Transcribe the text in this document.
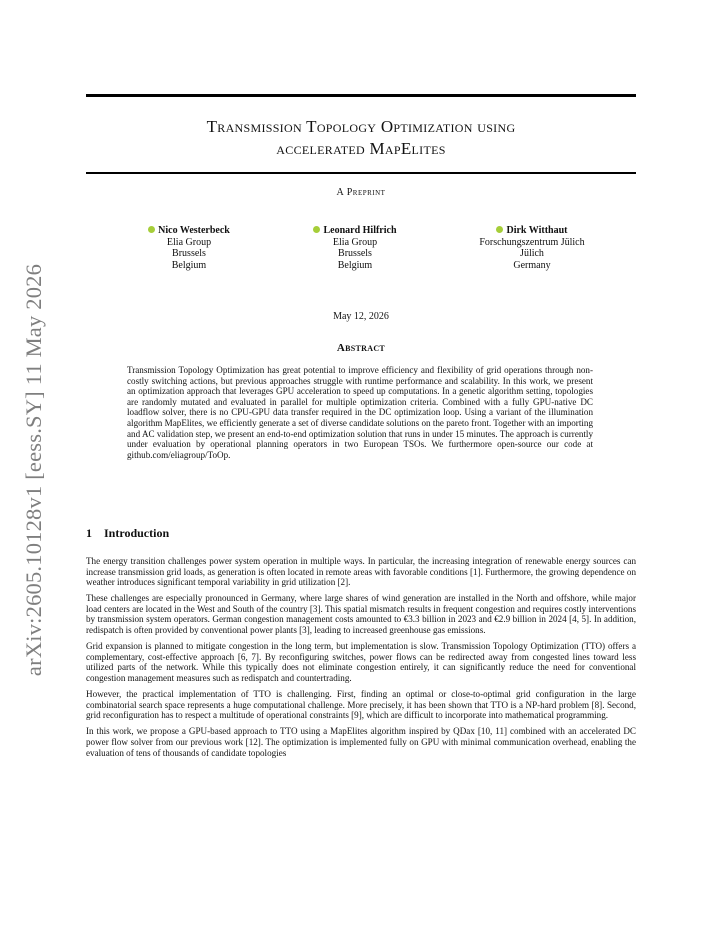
arXiv:2605.10128v1 [eess.SY] 11 May 2026
Transmission Topology Optimization using
accelerated MapElites
A Preprint
Nico Westerbeck
Elia Group
Brussels
Belgium
Leonard Hilfrich
Elia Group
Brussels
Belgium
Dirk Witthaut
Forschungszentrum Jülich
Jülich
Germany
May 12, 2026
Abstract
Transmission Topology Optimization has great potential to improve efficiency and flexibility of grid operations through non-costly switching actions, but previous approaches struggle with runtime performance and scalability. In this work, we present an optimization approach that leverages GPU acceleration to speed up computations. In a genetic algorithm setting, topologies are randomly mutated and evaluated in parallel for multiple optimization criteria. Combined with a fully GPU-native DC loadflow solver, there is no CPU-GPU data transfer required in the DC optimization loop. Using a variant of the illumination algorithm MapElites, we efficiently generate a set of diverse candidate solutions on the pareto front. Together with an importing and AC validation step, we present an end-to-end optimization solution that runs in under 15 minutes. The approach is currently under evaluation by operational planning operators in two European TSOs. We furthermore open-source our code at github.com/eliagroup/ToOp.
1 Introduction

The energy transition challenges power system operation in multiple ways. In particular, the increasing integration of renewable energy sources can increase transmission grid loads, as generation is often located in remote areas with favorable conditions [1]. Furthermore, the growing dependence on weather introduces significant temporal variability in grid utilization [2].

These challenges are especially pronounced in Germany, where large shares of wind generation are installed in the North and offshore, while major load centers are located in the West and South of the country [3]. This spatial mismatch results in frequent congestion and requires costly interventions by transmission system operators. German congestion management costs amounted to €3.3 billion in 2023 and €2.9 billion in 2024 [4, 5]. In addition, redispatch is often provided by conventional power plants [3], leading to increased greenhouse gas emissions.

Grid expansion is planned to mitigate congestion in the long term, but implementation is slow. Transmission Topology Optimization (TTO) offers a complementary, cost-effective approach [6, 7]. By reconfiguring switches, power flows can be redirected away from congested lines toward less utilized parts of the network. While this typically does not eliminate congestion entirely, it can significantly reduce the need for conventional congestion management measures such as redispatch and countertrading.

However, the practical implementation of TTO is challenging. First, finding an optimal or close-to-optimal grid configuration in the large combinatorial search space represents a huge computational challenge. More precisely, it has been shown that TTO is a NP-hard problem [8]. Second, grid reconfiguration has to respect a multitude of operational constraints [9], which are difficult to incorporate into mathematical programming.

In this work, we propose a GPU-based approach to TTO using a MapElites algorithm inspired by QDax [10, 11] combined with an accelerated DC power flow solver from our previous work [12]. The optimization is implemented fully on GPU with minimal communication overhead, enabling the evaluation of tens of thousands of candidate topologies
